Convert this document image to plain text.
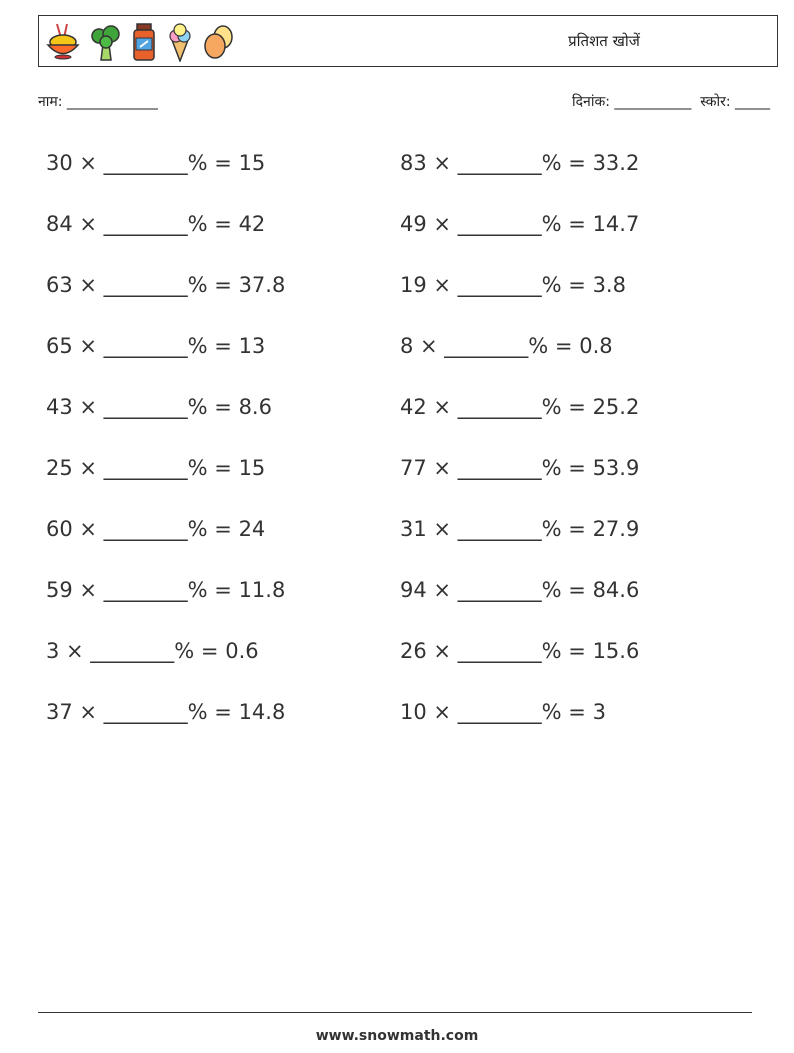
प्रतिशत खोजें
नाम: _____________	दिनांक: ___________  स्कोर: _____
30 × ________% = 15	83 × ________% = 33.2
84 × ________% = 42	49 × ________% = 14.7
63 × ________% = 37.8	19 × ________% = 3.8
65 × ________% = 13	8 × ________% = 0.8
43 × ________% = 8.6	42 × ________% = 25.2
25 × ________% = 15	77 × ________% = 53.9
60 × ________% = 24	31 × ________% = 27.9
59 × ________% = 11.8	94 × ________% = 84.6
3 × ________% = 0.6	26 × ________% = 15.6
37 × ________% = 14.8	10 × ________% = 3
www.snowmath.com
